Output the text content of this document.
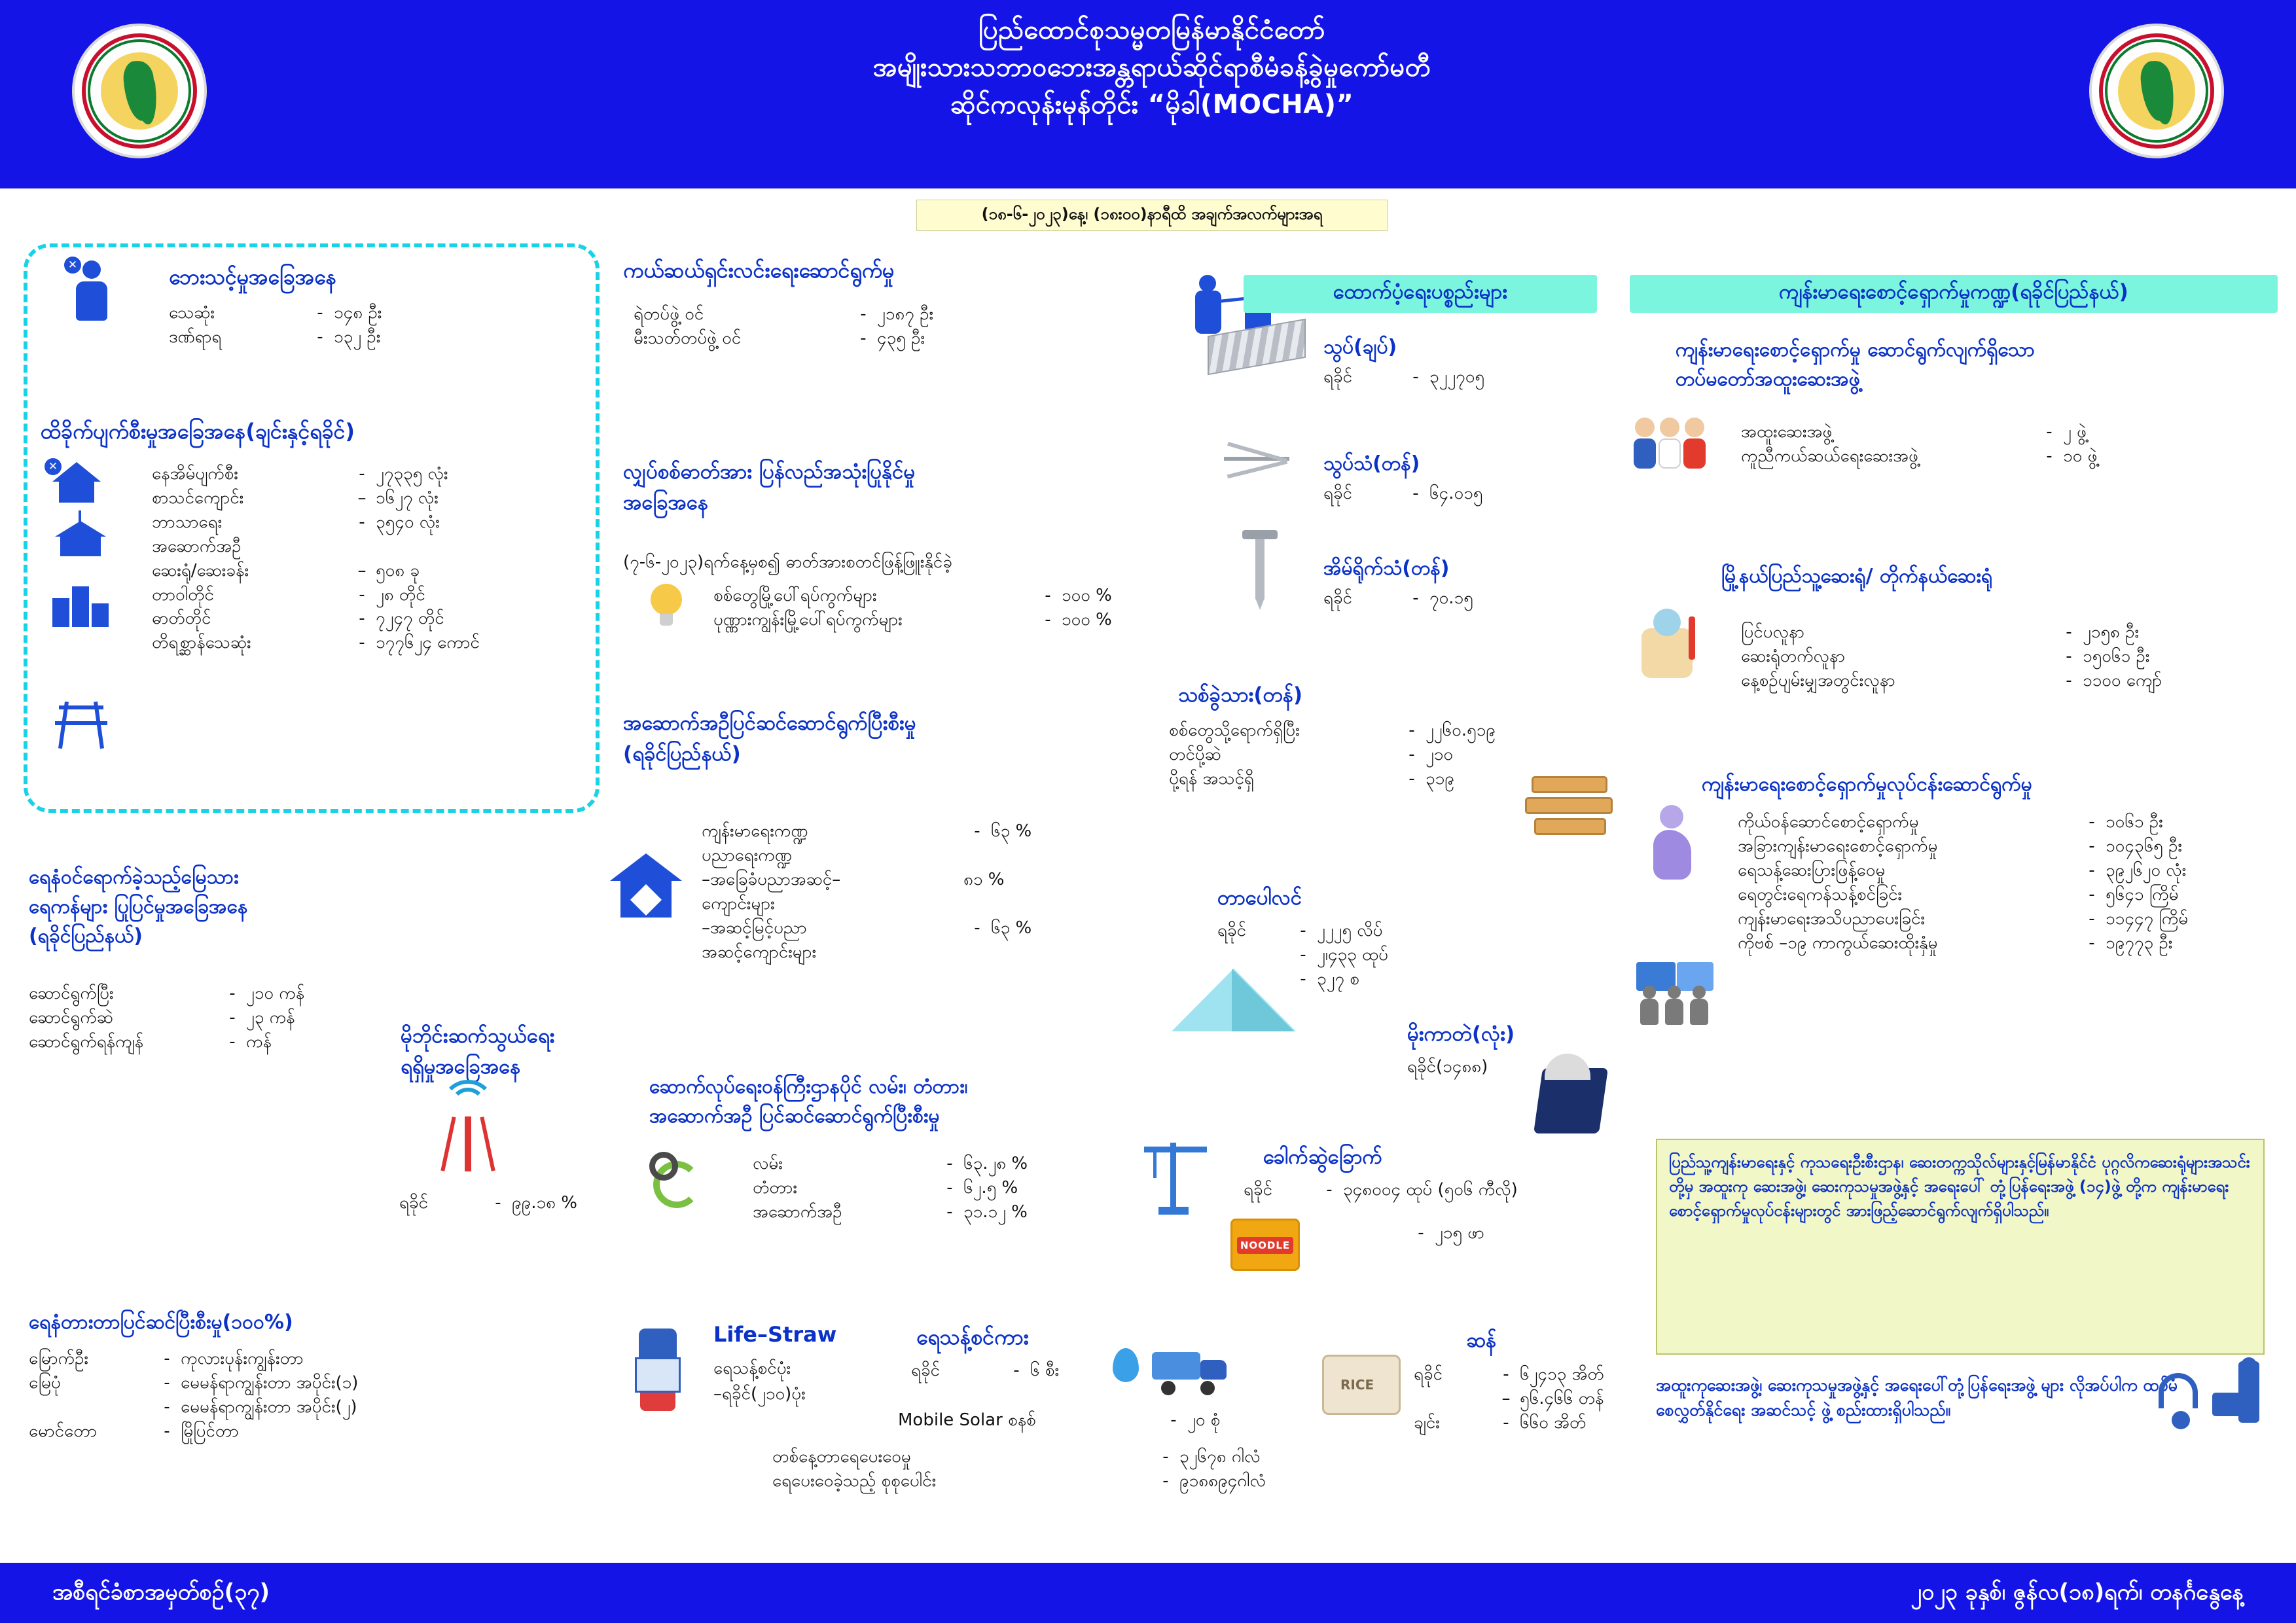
ပြည်ထောင်စုသမ္မတမြန်မာနိုင်ငံတော်
အမျိုးသားသဘာဝဘေးအန္တရာယ်ဆိုင်ရာစီမံခန့်ခွဲမှုကော်မတီ
ဆိုင်ကလုန်းမုန်တိုင်း “မိုခါ(MOCHA)”
(၁၈-၆-၂၀၂၃)နေ့၊ (၁၈း၀၀)နာရီထိ အချက်အလက်များအရ
✕	ဘေးသင့်မှုအခြေအနေ
သေဆုံး	- ၁၄၈ ဦး
ဒဏ်ရာရ	- ၁၃၂ ဦး
ထိခိုက်ပျက်စီးမှုအခြေအနေ(ချင်းနှင့်ရခိုင်)
✕	နေအိမ်ပျက်စီး	- ၂၇၃၃၅ လုံး
စာသင်ကျောင်း	– ၁၆၂၇ လုံး
ဘာသာရေး	- ၃၅၄၀ လုံး
အဆောက်အဦ
ဆေးရုံ/ဆေးခန်း	– ၅၀၈ ခု
တာဝါတိုင်	- ၂၈ တိုင်
ဓာတ်တိုင်	- ၇၂၄၇ တိုင်
တိရစ္ဆာန်သေဆုံး	- ၁၇၇၆၂၄ ကောင်
ရေနံဝင်ရောက်ခဲ့သည့်မြေသား
ရေကန်များ ပြုပြင်မှုအခြေအနေ
(ရခိုင်ပြည်နယ်)
ဆောင်ရွက်ပြီး	- ၂၁၀ ကန်
ဆောင်ရွက်ဆဲ	- ၂၃ ကန်
ဆောင်ရွက်ရန်ကျန်	- ကန်
ရေနံတားတာပြင်ဆင်ပြီးစီးမှု(၁၀၀%)
မြောက်ဦး	- ကုလားပုန်းကျွန်းတာ
မြေပုံ	- မေမန်ရာကျွန်းတာ အပိုင်း(၁)
- မေမန်ရာကျွန်းတာ အပိုင်း(၂)
မောင်တော	- မြိုပြင်တာ
ကယ်ဆယ်ရှင်းလင်းရေးဆောင်ရွက်မှု
ရဲတပ်ဖွဲ့ ဝင်	- ၂၁၈၇ ဦး
မီးသတ်တပ်ဖွဲ့ ဝင်	- ၄၃၅ ဦး
လျှပ်စစ်ဓာတ်အား ပြန်လည်အသုံးပြုနိုင်မှု
အခြေအနေ
(၇-၆-၂၀၂၃)ရက်နေ့မှစ၍ ဓာတ်အားစတင်ဖြန့်ဖြူးနိုင်ခဲ့
စစ်တွေမြို့ပေါ်ရပ်ကွက်များ	- ၁၀၀ %
ပုဏ္ဏားကျွန်းမြို့ပေါ်ရပ်ကွက်များ	- ၁၀၀ %
အဆောက်အဦပြင်ဆင်ဆောင်ရွက်ပြီးစီးမှု
(ရခိုင်ပြည်နယ်)
ကျန်းမာရေးကဏ္ဍ	- ၆၃ %
ပညာရေးကဏ္ဍ
–အခြေခံပညာအဆင့်–	၈၁ %
ကျောင်းများ
–အဆင့်မြင့်ပညာ	- ၆၃ %
အဆင့်ကျောင်းများ
မိုဘိုင်းဆက်သွယ်ရေး
ရရှိမှုအခြေအနေ
ရခိုင်	- ၉၉.၁၈ %
ဆောက်လုပ်ရေးဝန်ကြီးဌာနပိုင် လမ်း၊ တံတား၊
အဆောက်အဦ ပြင်ဆင်ဆောင်ရွက်ပြီးစီးမှု
လမ်း	- ၆၃.၂၈ %
တံတား	- ၆၂.၅ %
အဆောက်အဦ	- ၃၁.၁၂ %
Life–Straw
ရေသန့်စင်ပုံး
–ရခိုင်(၂၁၀)ပုံး
ရေသန့်စင်ကား
ရခိုင်	- ၆ စီး
Mobile Solar စနစ်	- ၂၀ စုံ
တစ်နေ့တာရေပေးဝေမှု	- ၃၂၆၇၈ ဂါလံ
ရေပေးဝေခဲ့သည့် စုစုပေါင်း	- ၉၁၈၈၉၄ဂါလံ
ထောက်ပံ့ရေးပစ္စည်းများ
သွပ်(ချပ်)
ရခိုင်	- ၃၂၂၇၀၅
သွပ်သံ(တန်)
ရခိုင်	- ၆၄.၀၁၅
အိမ်ရိုက်သံ(တန်)
ရခိုင်	- ၇၀.၁၅
သစ်ခွဲသား(တန်)
စစ်တွေသို့ရောက်ရှိပြီး	- ၂၂၆၀.၅၁၉
တင်ပို့ဆဲ	- ၂၁၀
ပို့ရန် အသင့်ရှိ	- ၃၁၉
တာပေါလင်
ရခိုင်	- ၂၂၂၅ လိပ်
- ၂၊၄၃၃ ထုပ်
- ၃၂၇ စ
မိုးကာတဲ(လုံး)
ရခိုင်(၁၄၈၈)
ခေါက်ဆွဲခြောက်
NOODLE
ရခိုင်	- ၃၄၈၀၀၄ ထုပ် (၅၀၆ ကီလို)
- ၂၁၅ ဖာ
ဆန်
RICE
ရခိုင်	- ၆၂၄၁၃ အိတ်
– ၅၆.၄၆၆ တန်
ချင်း	- ၆၆၀ အိတ်
ကျန်းမာရေးစောင့်ရှောက်မှုကဏ္ဍ(ရခိုင်ပြည်နယ်)
ကျန်းမာရေးစောင့်ရှောက်မှု ဆောင်ရွက်လျက်ရှိသော
တပ်မတော်အထူးဆေးအဖွဲ့
အထူးဆေးအဖွဲ့	- ၂ ဖွဲ့
ကူညီကယ်ဆယ်ရေးဆေးအဖွဲ့	- ၁၀ ဖွဲ့
မြို့နယ်ပြည်သူ့ဆေးရုံ/ တိုက်နယ်ဆေးရုံ
ပြင်ပလူနာ	- ၂၁၅၈ ဦး
ဆေးရုံတက်လူနာ	- ၁၅၀၆၁ ဦး
နေ့စဉ်ပျမ်းမျှအတွင်းလူနာ	- ၁၁၀၀ ကျော်
ကျန်းမာရေးစောင့်ရှောက်မှုလုပ်ငန်းဆောင်ရွက်မှု
ကိုယ်ဝန်ဆောင်စောင့်ရှောက်မှု	- ၁၀၆၁ ဦး
အခြားကျန်းမာရေးစောင့်ရှောက်မှု	- ၁၀၄၃၆၅ ဦး
ရေသန့်ဆေးပြားဖြန့်ဝေမှု	- ၃၉၂၆၂၀ လုံး
ရေတွင်းရေကန်သန့်စင်ခြင်း	- ၅၆၄၁ ကြိမ်
ကျန်းမာရေးအသိပညာပေးခြင်း	- ၁၁၄၄၇ ကြိမ်
ကိုဗစ် –၁၉ ကာကွယ်ဆေးထိုးနှံမှု	- ၁၉၇၇၃ ဦး
ပြည်သူ့ကျန်းမာရေးနှင့် ကုသရေးဦးစီးဌာန၊ ဆေးတက္ကသိုလ်များနှင့်မြန်မာနိုင်ငံ ပုဂ္ဂလိကဆေးရုံများအသင်းတို့မှ အထူးကု ဆေးအဖွဲ့၊ ဆေးကုသမှုအဖွဲ့နှင့် အရေးပေါ် တုံ့ပြန်ရေးအဖွဲ့ (၁၄)ဖွဲ့ တို့က ကျန်းမာရေးစောင့်ရှောက်မှုလုပ်ငန်းများတွင် အားဖြည့်ဆောင်ရွက်လျက်ရှိပါသည်။
အထူးကုဆေးအဖွဲ့၊ ဆေးကုသမှုအဖွဲ့နှင့် အရေးပေါ်တုံ့ပြန်ရေးအဖွဲ့ များ လိုအပ်ပါက ထပ်မံစေလွှတ်နိုင်ရေး အဆင်သင့် ဖွဲ့ စည်းထားရှိပါသည်။
အစီရင်ခံစာအမှတ်စဉ်(၃၇)	၂၀၂၃ ခုနှစ်၊ ဇွန်လ(၁၈)ရက်၊ တနင်္ဂနွေနေ့
